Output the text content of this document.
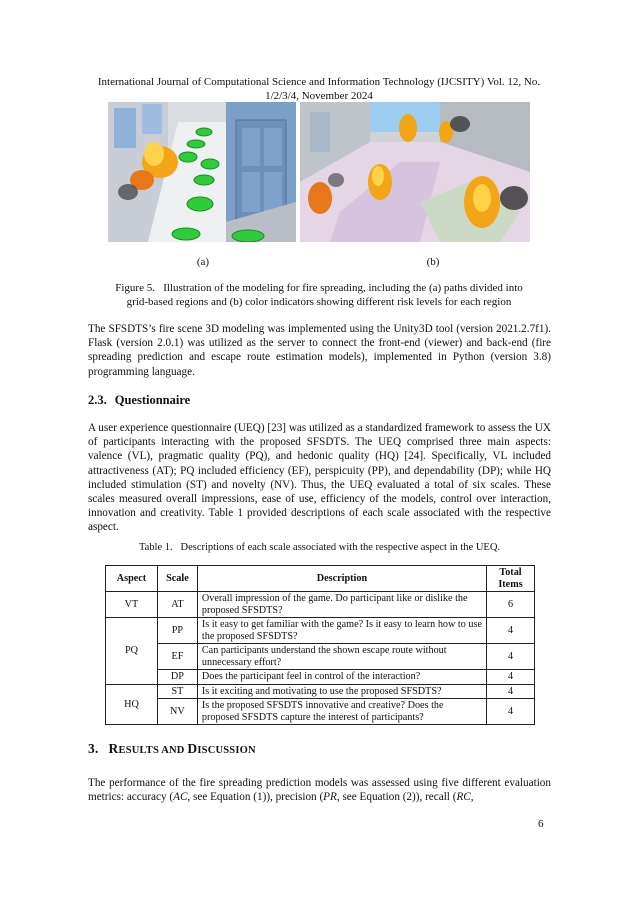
International Journal of Computational Science and Information Technology (IJCSITY) Vol. 12, No.
1/2/3/4, November 2024
(a)	(b)
Figure 5.   Illustration of the modeling for fire spreading, including the (a) paths divided into
grid-based regions and (b) color indicators showing different risk levels for each region
The SFSDTS’s fire scene 3D modeling was implemented using the Unity3D tool (version 2021.2.7f1). Flask (version 2.0.1) was utilized as the server to connect the front-end (viewer) and back-end (fire spreading prediction and escape route estimation models), implemented in Python (version 3.8) programming language.
2.3. Questionnaire
A user experience questionnaire (UEQ) [23] was utilized as a standardized framework to assess the UX of participants interacting with the proposed SFSDTS. The UEQ comprised three main aspects: valence (VL), pragmatic quality (PQ), and hedonic quality (HQ) [24]. Specifically, VL included attractiveness (AT); PQ included efficiency (EF), perspicuity (PP), and dependability (DP); while HQ included stimulation (ST) and novelty (NV). Thus, the UEQ evaluated a total of six scales. These scales measured overall impressions, ease of use, efficiency of the models, control over interaction, innovation and creativity. Table 1 provided descriptions of each scale associated with the respective aspect.
Table 1.   Descriptions of each scale associated with the respective aspect in the UEQ.
Aspect	Scale	Description	Total Items
VT	AT	Overall impression of the game. Do participant like or dislike the proposed SFSDTS?	6
PQ	PP	Is it easy to get familiar with the game? Is it easy to learn how to use the proposed SFSDTS?	4
	EF	Can participants understand the shown escape route without unnecessary effort?	4
	DP	Does the participant feel in control of the interaction?	4
HQ	ST	Is it exciting and motivating to use the proposed SFSDTS?	4
	NV	Is the proposed SFSDTS innovative and creative? Does the proposed SFSDTS capture the interest of participants?	4
3. RESULTS AND DISCUSSION
The performance of the fire spreading prediction models was assessed using five different evaluation metrics: accuracy (AC, see Equation (1)), precision (PR, see Equation (2)), recall (RC,
6
